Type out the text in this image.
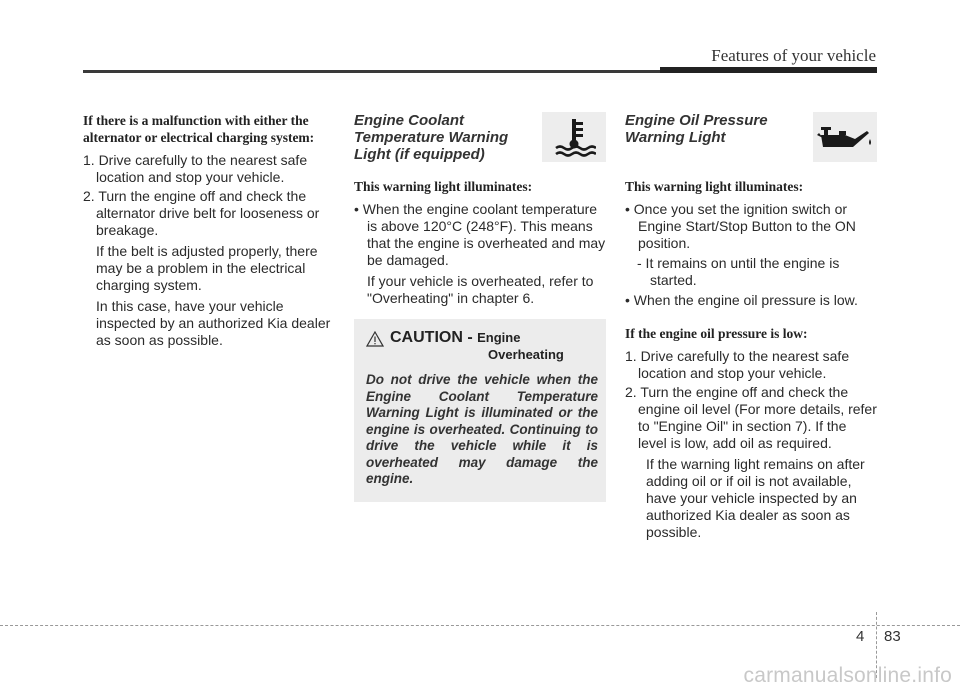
Features of your vehicle
If there is a malfunction with either the alternator or electrical charging system:
1. Drive carefully to the nearest safe location and stop your vehicle.
2. Turn the engine off and check the alternator drive belt for looseness or breakage.
If the belt is adjusted properly, there may be a problem in the electrical charging system.
In this case, have your vehicle inspected by an authorized Kia dealer as soon as possible.
Engine Coolant Temperature Warning Light (if equipped)
This warning light illuminates:
• When the engine coolant temperature is above 120°C (248°F). This means that the engine is overheated and may be damaged.
If your vehicle is overheated, refer to "Overheating" in chapter 6.
CAUTION - Engine
Overheating
Do not drive the vehicle when the Engine Coolant Temperature Warning Light is illuminated or the engine is overheated. Continuing to drive the vehicle while it is overheated may damage the engine.
Engine Oil Pressure Warning Light
This warning light illuminates:
• Once you set the ignition switch or Engine Start/Stop Button to the ON position.
- It remains on until the engine is started.
• When the engine oil pressure is low.
If the engine oil pressure is low:
1. Drive carefully to the nearest safe location and stop your vehicle.
2. Turn the engine off and check the engine oil level (For more details, refer to "Engine Oil" in section 7). If the level is low, add oil as required.
If the warning light remains on after adding oil or if oil is not available, have your vehicle inspected by an authorized Kia dealer as soon as possible.
4 83
carmanualsonline.info
